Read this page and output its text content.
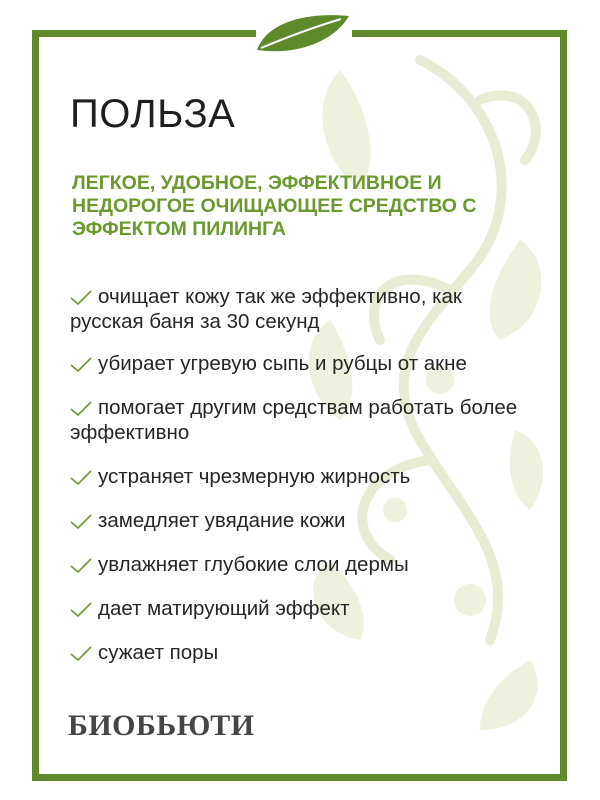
ПОЛЬЗА

ЛЕГКОЕ, УДОБНОЕ, ЭФФЕКТИВНОЕ И НЕДОРОГОЕ ОЧИЩАЮЩЕЕ СРЕДСТВО С ЭФФЕКТОМ ПИЛИНГА

очищает кожу так же эффективно, как русская баня за 30 секунд
убирает угревую сыпь и рубцы от акне
помогает другим средствам работать более эффективно
устраняет чрезмерную жирность
замедляет увядание кожи
увлажняет глубокие слои дермы
дает матирующий эффект
сужает поры
БИОБЬЮТИ
